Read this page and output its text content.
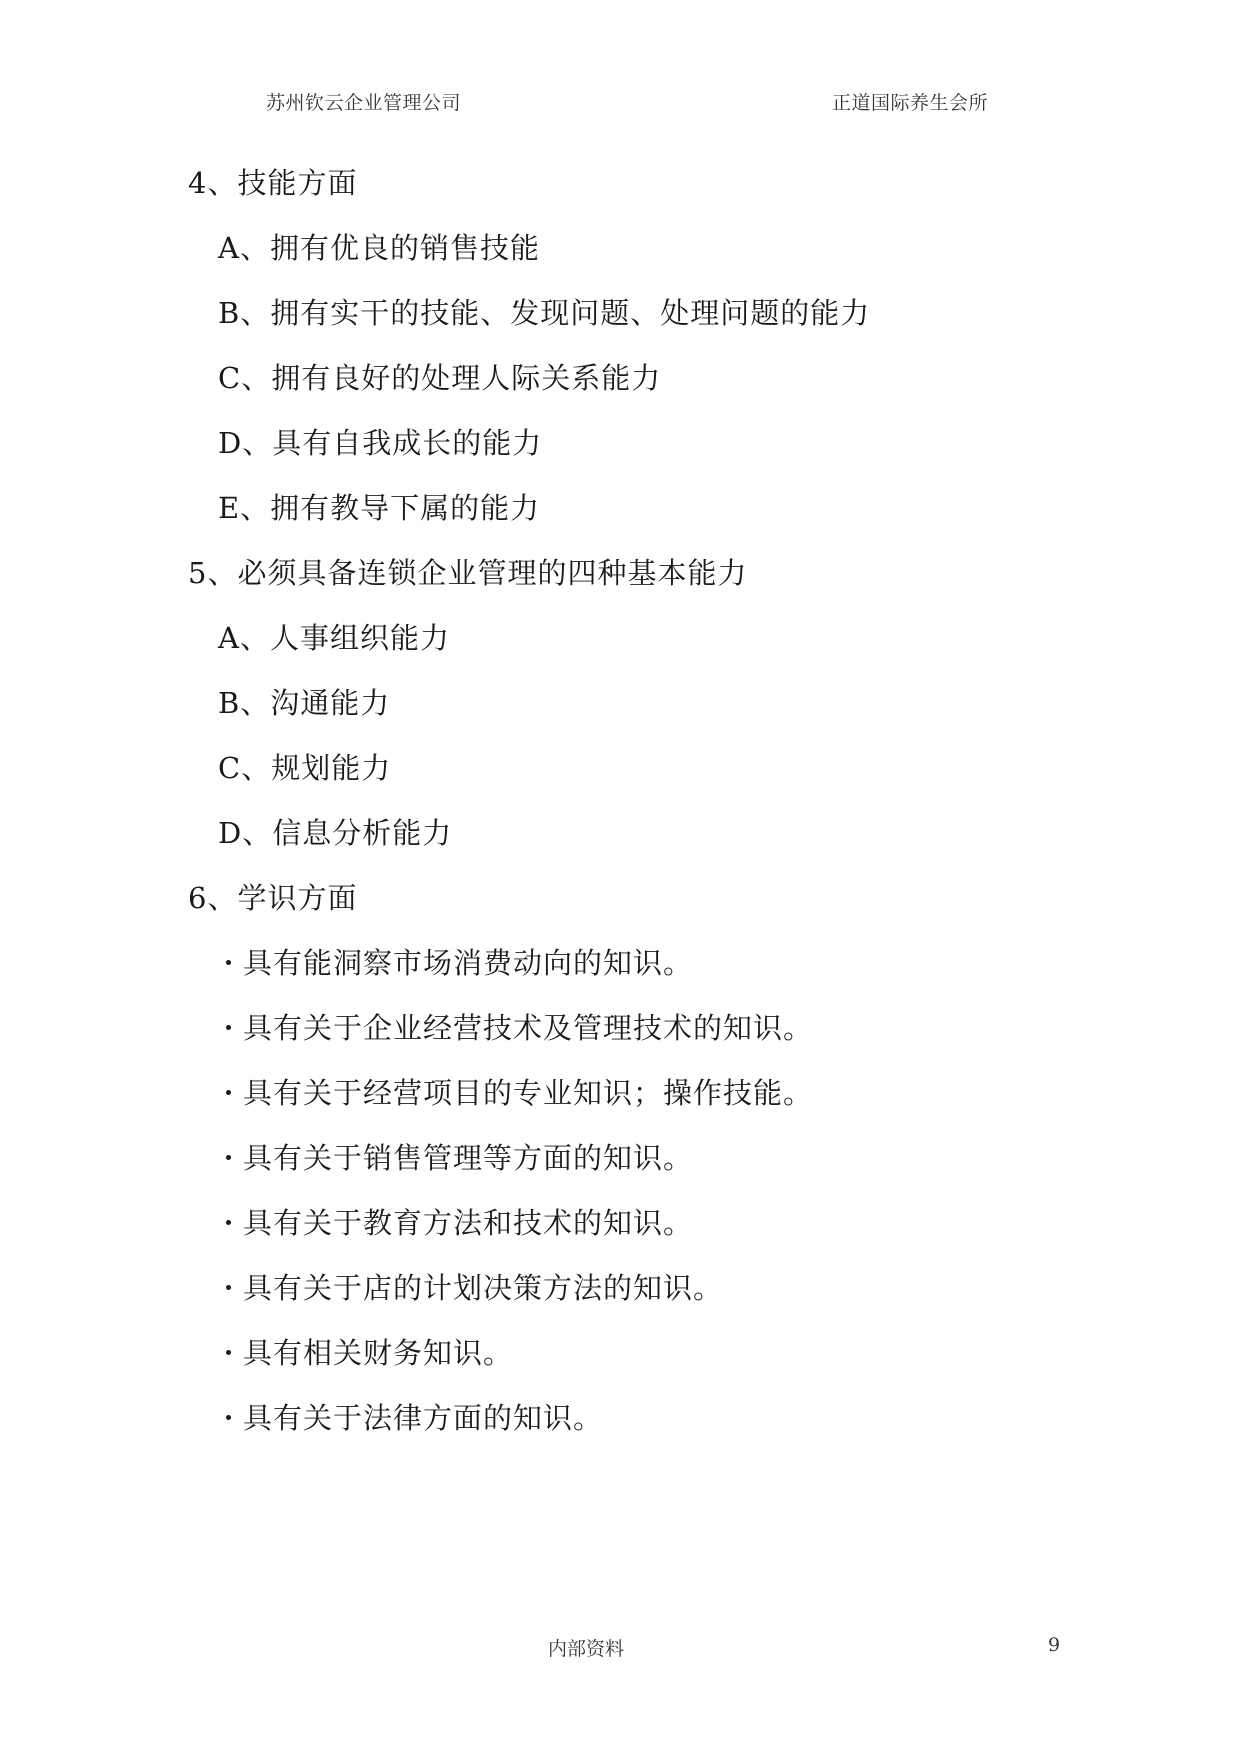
苏州钦云企业管理公司	正道国际养生会所
4、技能方面
A、拥有优良的销售技能
B、拥有实干的技能、发现问题、处理问题的能力
C、拥有良好的处理人际关系能力
D、具有自我成长的能力
E、拥有教导下属的能力
5、必须具备连锁企业管理的四种基本能力
A、人事组织能力
B、沟通能力
C、规划能力
D、信息分析能力
6、学识方面
具有能洞察市场消费动向的知识。
具有关于企业经营技术及管理技术的知识。
具有关于经营项目的专业知识；操作技能。
具有关于销售管理等方面的知识。
具有关于教育方法和技术的知识。
具有关于店的计划决策方法的知识。
具有相关财务知识。
具有关于法律方面的知识。
内部资料	9
